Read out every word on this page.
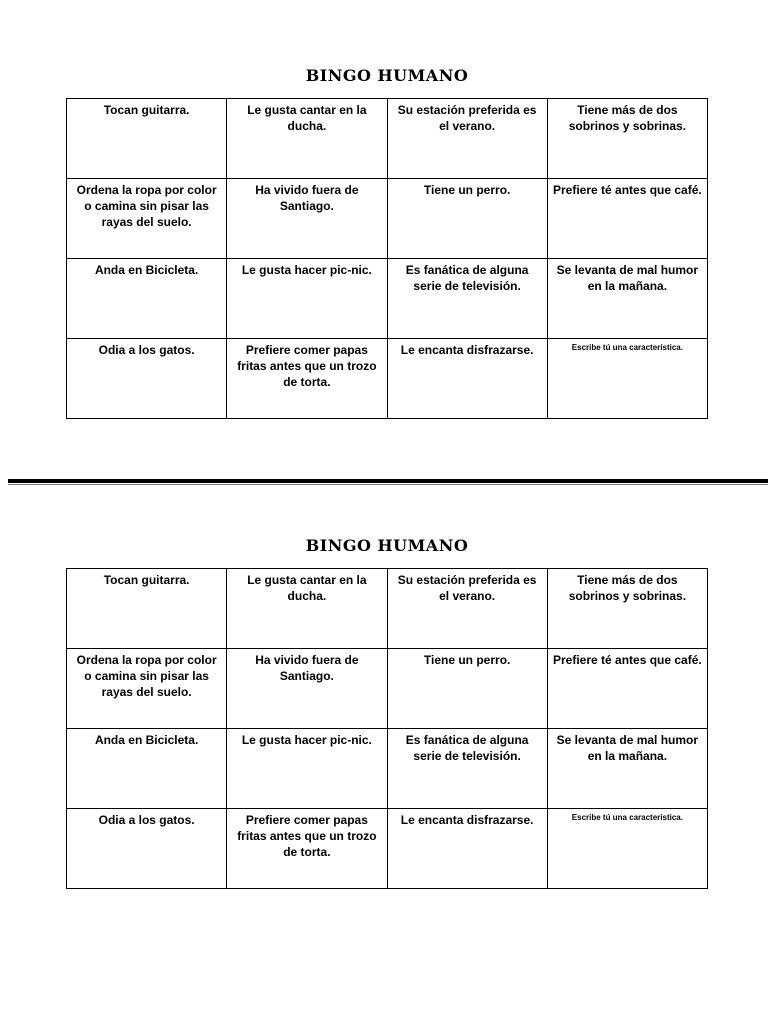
BINGO HUMANO
Tocan guitarra.	Le gusta cantar en la ducha.	Su estación preferida es el verano.	Tiene más de dos sobrinos y sobrinas.
Ordena la ropa por color o camina sin pisar las rayas del suelo.	Ha vivido fuera de Santiago.	Tiene un perro.	Prefiere té antes que café.
Anda en Bicicleta.	Le gusta hacer pic-nic.	Es fanática de alguna serie de televisión.	Se levanta de mal humor en la mañana.
Odia a los gatos.	Prefiere comer papas fritas antes que un trozo de torta.	Le encanta disfrazarse.	Escribe tú una característica.
BINGO HUMANO
Tocan guitarra.	Le gusta cantar en la ducha.	Su estación preferida es el verano.	Tiene más de dos sobrinos y sobrinas.
Ordena la ropa por color o camina sin pisar las rayas del suelo.	Ha vivido fuera de Santiago.	Tiene un perro.	Prefiere té antes que café.
Anda en Bicicleta.	Le gusta hacer pic-nic.	Es fanática de alguna serie de televisión.	Se levanta de mal humor en la mañana.
Odia a los gatos.	Prefiere comer papas fritas antes que un trozo de torta.	Le encanta disfrazarse.	Escribe tú una característica.
